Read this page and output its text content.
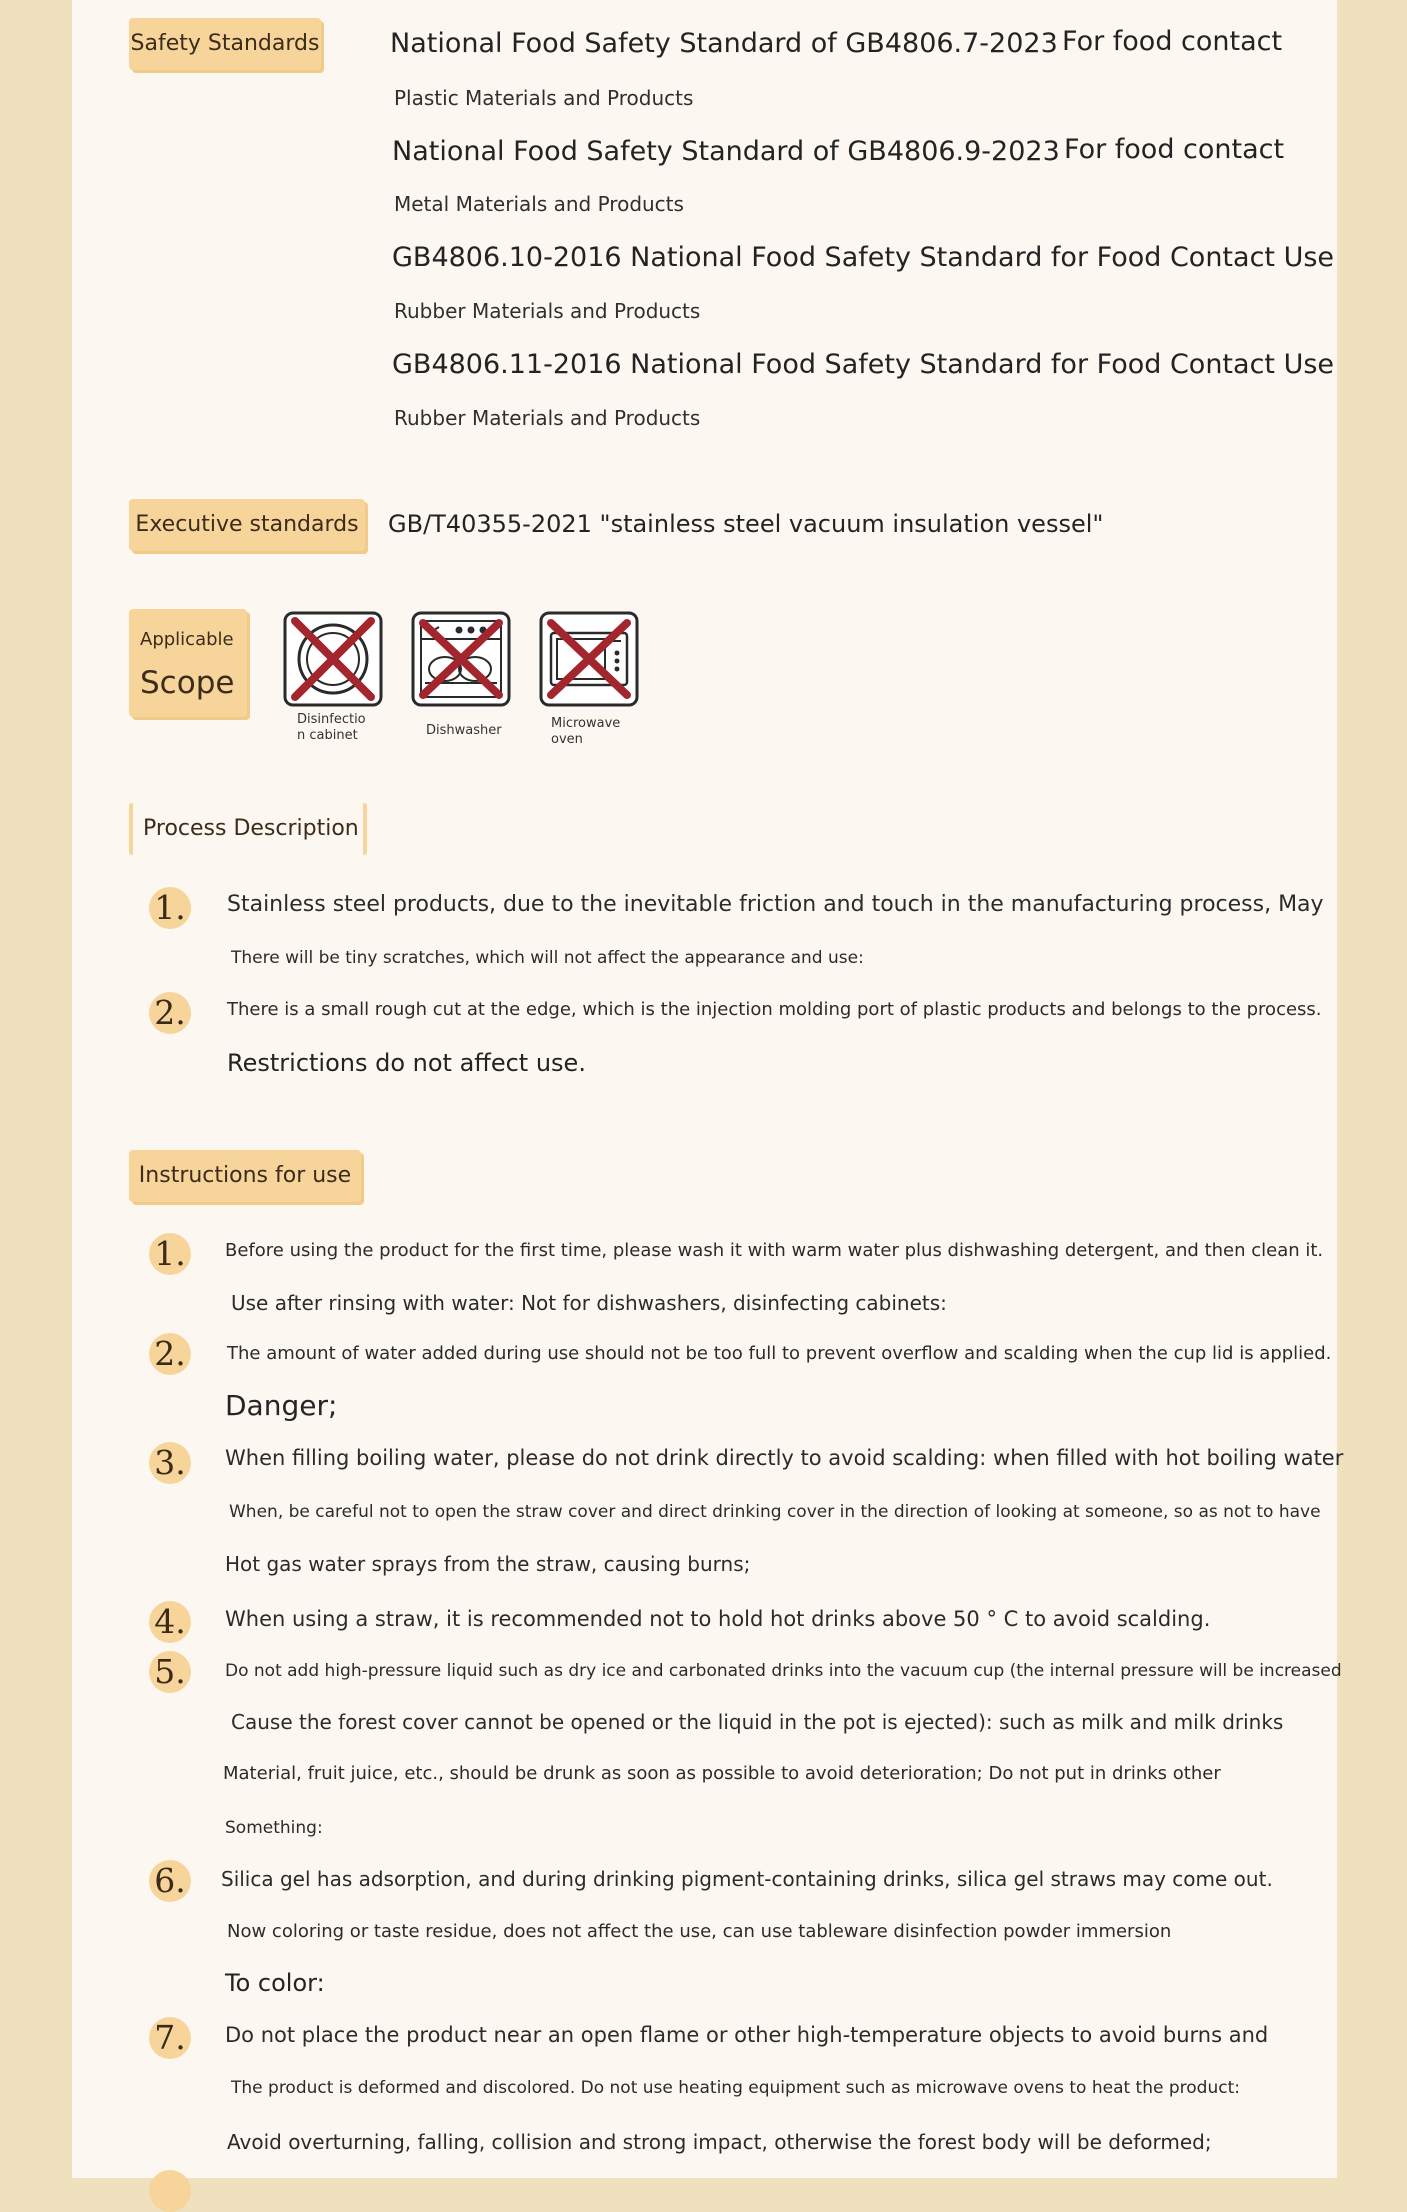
Safety Standards	National Food Safety Standard of GB4806.7-2023 For food contact
Plastic Materials and Products
National Food Safety Standard of GB4806.9-2023 For food contact
Metal Materials and Products
GB4806.10-2016 National Food Safety Standard for Food Contact Use
Rubber Materials and Products
GB4806.11-2016 National Food Safety Standard for Food Contact Use
Rubber Materials and Products
Executive standards GB/T40355-2021 "stainless steel vacuum insulation vessel"
Applicable
Scope
Disinfectio
n cabinet	Dishwasher	Microwave
oven
Process Description
1. Stainless steel products, due to the inevitable friction and touch in the manufacturing process, May
There will be tiny scratches, which will not affect the appearance and use:
2. There is a small rough cut at the edge, which is the injection molding port of plastic products and belongs to the process.
Restrictions do not affect use.
Instructions for use
1. Before using the product for the first time, please wash it with warm water plus dishwashing detergent, and then clean it.
Use after rinsing with water: Not for dishwashers, disinfecting cabinets:
2. The amount of water added during use should not be too full to prevent overflow and scalding when the cup lid is applied.
Danger;
3. When filling boiling water, please do not drink directly to avoid scalding: when filled with hot boiling water
When, be careful not to open the straw cover and direct drinking cover in the direction of looking at someone, so as not to have
Hot gas water sprays from the straw, causing burns;
4. When using a straw, it is recommended not to hold hot drinks above 50 ° C to avoid scalding.
5.	Do not add high-pressure liquid such as dry ice and carbonated drinks into the vacuum cup (the internal pressure will be increased
Cause the forest cover cannot be opened or the liquid in the pot is ejected): such as milk and milk drinks
Material, fruit juice, etc., should be drunk as soon as possible to avoid deterioration; Do not put in drinks other
Something:
6. Silica gel has adsorption, and during drinking pigment-containing drinks, silica gel straws may come out.
Now coloring or taste residue, does not affect the use, can use tableware disinfection powder immersion
To color:
7. Do not place the product near an open flame or other high-temperature objects to avoid burns and
The product is deformed and discolored. Do not use heating equipment such as microwave ovens to heat the product:
Avoid overturning, falling, collision and strong impact, otherwise the forest body will be deformed;
